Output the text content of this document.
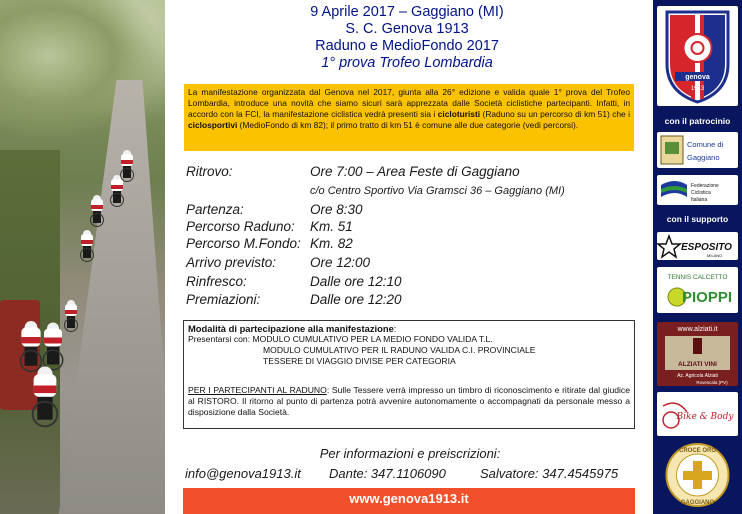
9 Aprile 2017 – Gaggiano (MI)
S. C. Genova 1913
Raduno e MedioFondo 2017
1° prova Trofeo Lombardia
La manifestazione organizzata dal Genova nel 2017, giunta alla 26° edizione e valida quale 1° prova del Trofeo Lombardia, introduce una novità che siamo sicuri sarà apprezzata dalle Società ciclistiche partecipanti. Infatti, in accordo con la FCI, la manifestazione ciclistica vedrà presenti sia i cicloturisti (Raduno su un percorso di km 51) che i ciclosportivi (MedioFondo di km 82); il primo tratto di km 51 è comune alle due categorie (vedi percorsi).
Ritrovo:	Ore 7:00 – Area Feste di Gaggiano
c/o Centro Sportivo Via Gramsci 36 – Gaggiano (MI)
Partenza:	Ore 8:30
Percorso Raduno: Km. 51
Percorso M.Fondo: Km. 82
Arrivo previsto:	Ore 12:00
Rinfresco:	Dalle ore 12:10
Premiazioni:	Dalle ore 12:20
Modalità di partecipazione alla manifestazione:
Presentarsi con: MODULO CUMULATIVO PER LA MEDIO FONDO VALIDA T.L.
MODULO CUMULATIVO PER IL RADUNO VALIDA C.I. PROVINCIALE
TESSERE DI VIAGGIO DIVISE PER CATEGORIA
PER I PARTECIPANTI AL RADUNO: Sulle Tessere verrà impresso un timbro di riconoscimento e ritirate dal giudice al RISTORO. Il ritorno al punto di partenza potrà avvenire autonomamente o accompagnati da personale messo a disposizione dalla Società.
Per informazioni e preiscrizioni:
info@genova1913.it Dante: 347.1106090	Salvatore: 347.4545975
www.genova1913.it
genova
1913
con il patrocinio
Comune di
Gaggiano
Federazione
Ciclistica
Italiana
con il supporto
ESPOSITO
MILANO
TENNIS CALCETTO
PIOPPI
www.alziati.it
ALZIATI VINI
Az. Agricola Alziati
Rovescala (PV)
Bike & Body
CROCE ORO
GAGGIANO
